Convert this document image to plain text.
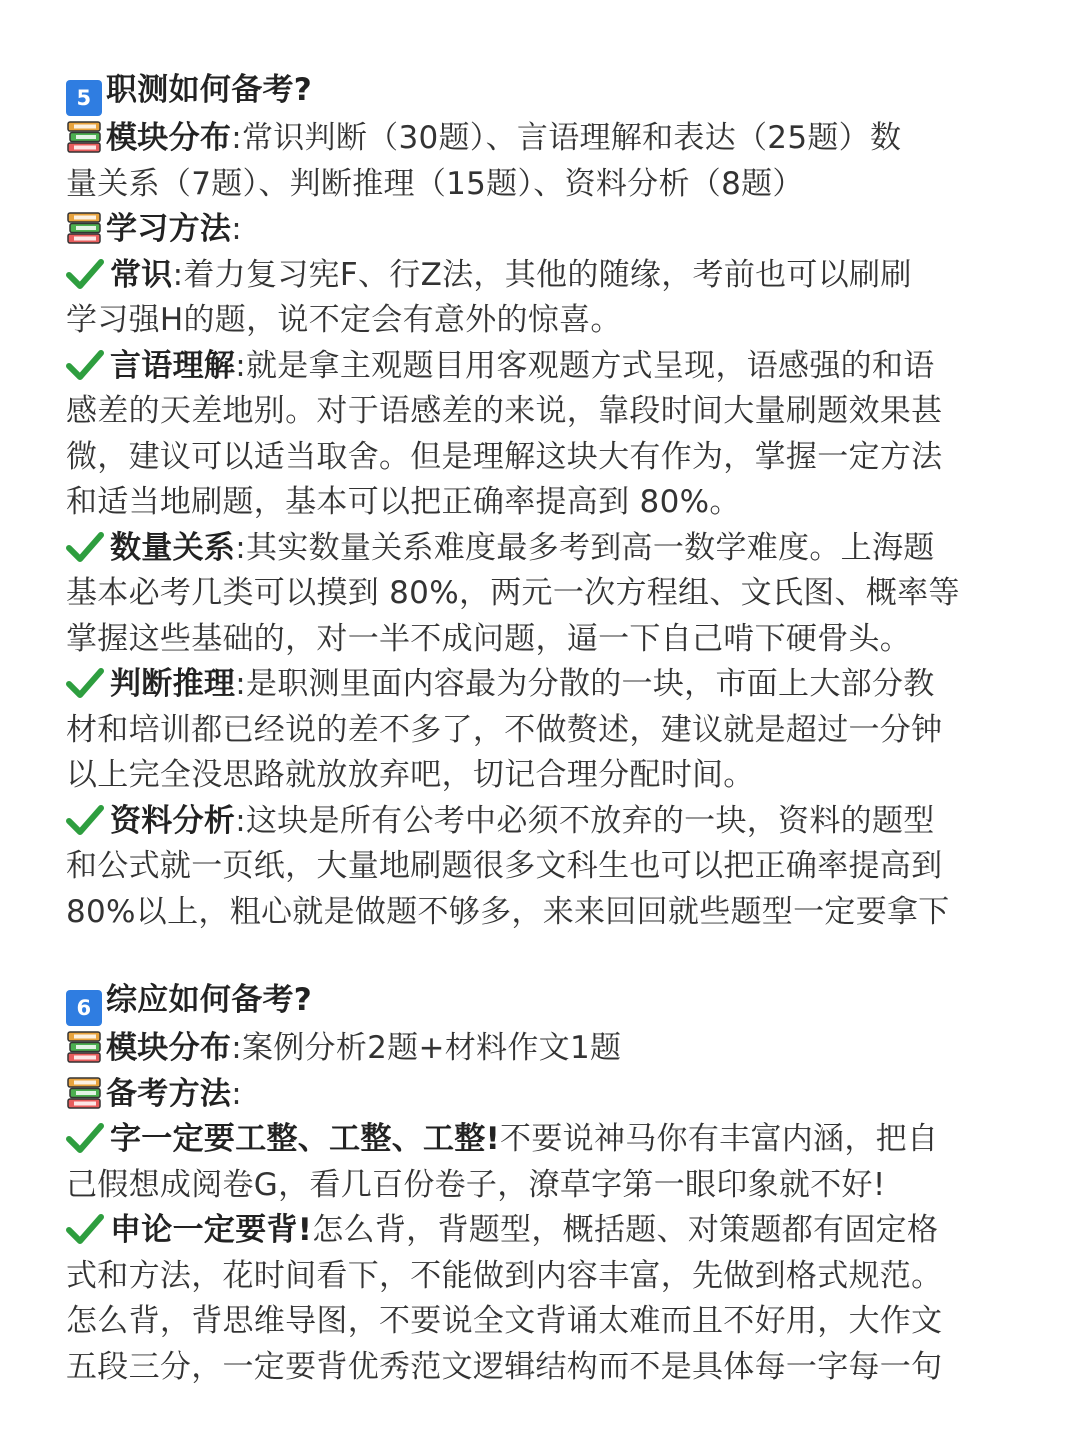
5 职测如何备考?
模块分布:常识判断（30题）、言语理解和表达（25题）数
量关系（7题）、判断推理（15题）、资料分析（8题）
学习方法:
常识:着力复习宪F、行Z法，其他的随缘，考前也可以刷刷
学习强H的题，说不定会有意外的惊喜。
言语理解:就是拿主观题目用客观题方式呈现，语感强的和语
感差的天差地别。对于语感差的来说，靠段时间大量刷题效果甚
微，建议可以适当取舍。但是理解这块大有作为，掌握一定方法
和适当地刷题，基本可以把正确率提高到 80%。
数量关系:其实数量关系难度最多考到高一数学难度。上海题
基本必考几类可以摸到 80%，两元一次方程组、文氏图、概率等
掌握这些基础的，对一半不成问题，逼一下自己啃下硬骨头。
判断推理:是职测里面内容最为分散的一块，市面上大部分教
材和培训都已经说的差不多了，不做赘述，建议就是超过一分钟
以上完全没思路就放放弃吧，切记合理分配时间。
资料分析:这块是所有公考中必须不放弃的一块，资料的题型
和公式就一页纸，大量地刷题很多文科生也可以把正确率提高到
80%以上，粗心就是做题不够多，来来回回就些题型一定要拿下
6 综应如何备考?
模块分布:案例分析2题+材料作文1题
备考方法:
字一定要工整、工整、工整!不要说神马你有丰富内涵，把自
己假想成阅卷G，看几百份卷子，潦草字第一眼印象就不好!
申论一定要背!怎么背，背题型，概括题、对策题都有固定格
式和方法，花时间看下，不能做到内容丰富，先做到格式规范。
怎么背，背思维导图，不要说全文背诵太难而且不好用，大作文
五段三分，一定要背优秀范文逻辑结构而不是具体每一字每一句
